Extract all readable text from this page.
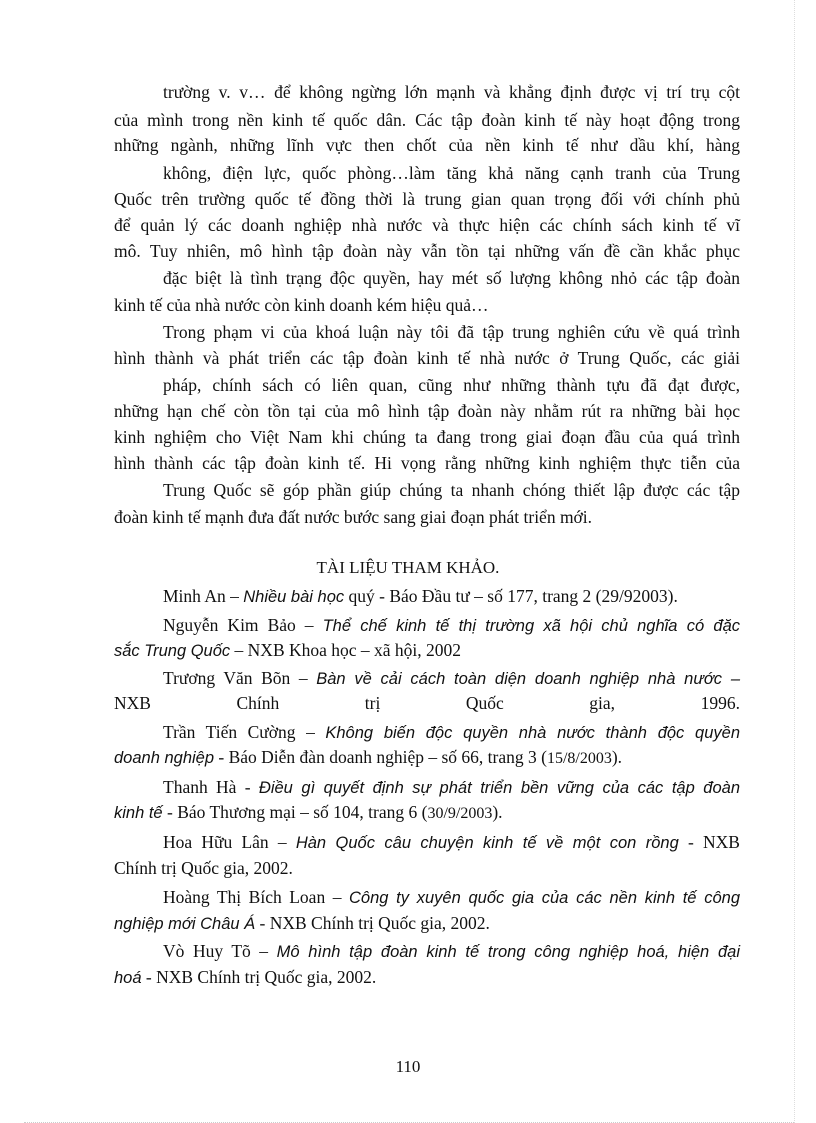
trường v. v… để không ngừng lớn mạnh và khẳng định được vị trí trụ cột
của mình trong nền kinh tế quốc dân. Các tập đoàn kinh tế này hoạt động trong
những ngành, những lĩnh vực then chốt của nền kinh tế như dầu khí, hàng
không, điện lực, quốc phòng…làm tăng khả năng cạnh tranh của Trung
Quốc trên trường quốc tế đồng thời là trung gian quan trọng đối với chính phủ
để quản lý các doanh nghiệp nhà nước và thực hiện các chính sách kinh tế vĩ
mô. Tuy nhiên, mô hình tập đoàn này vẫn tồn tại những vấn đề cần khắc phục
đặc biệt là tình trạng độc quyền, hay mét số lượng không nhỏ các tập đoàn
kinh tế của nhà nước còn kinh doanh kém hiệu quả…
Trong phạm vi của khoá luận này tôi đã tập trung nghiên cứu về quá trình
hình thành và phát triển các tập đoàn kinh tế nhà nước ở Trung Quốc, các giải
pháp, chính sách có liên quan, cũng như những thành tựu đã đạt được,
những hạn chế còn tồn tại của mô hình tập đoàn này nhằm rút ra những bài học
kinh nghiệm cho Việt Nam khi chúng ta đang trong giai đoạn đầu của quá trình
hình thành các tập đoàn kinh tế. Hi vọng rằng những kinh nghiệm thực tiễn của
Trung Quốc sẽ góp phần giúp chúng ta nhanh chóng thiết lập được các tập
đoàn kinh tế mạnh đưa đất nước bước sang giai đoạn phát triển mới.
TÀI LIỆU THAM KHẢO.
Minh An – Nhiều bài học quý - Báo Đầu tư – số 177, trang 2 (29/92003).
Nguyễn Kim Bảo – Thể chế kinh tế thị trường xã hội chủ nghĩa có đặc
sắc Trung Quốc – NXB Khoa học – xã hội, 2002
Trương Văn Bõn – Bàn về cải cách toàn diện doanh nghiệp nhà nước –
NXB	Chính	trị	Quốc	gia,	1996.
Trần Tiến Cường – Không biến độc quyền nhà nước thành độc quyền
doanh nghiệp - Báo Diễn đàn doanh nghiệp – số 66, trang 3 (15/8/2003).
Thanh Hà - Điều gì quyết định sự phát triển bền vững của các tập đoàn
kinh tế - Báo Thương mại – số 104, trang 6 (30/9/2003).
Hoa Hữu Lân – Hàn Quốc câu chuyện kinh tế về một con rồng - NXB
Chính trị Quốc gia, 2002.
Hoàng Thị Bích Loan – Công ty xuyên quốc gia của các nền kinh tế công
nghiệp mới Châu Á - NXB Chính trị Quốc gia, 2002.
Vò Huy Tõ – Mô hình tập đoàn kinh tế trong công nghiệp hoá, hiện đại
hoá - NXB Chính trị Quốc gia, 2002.
110
